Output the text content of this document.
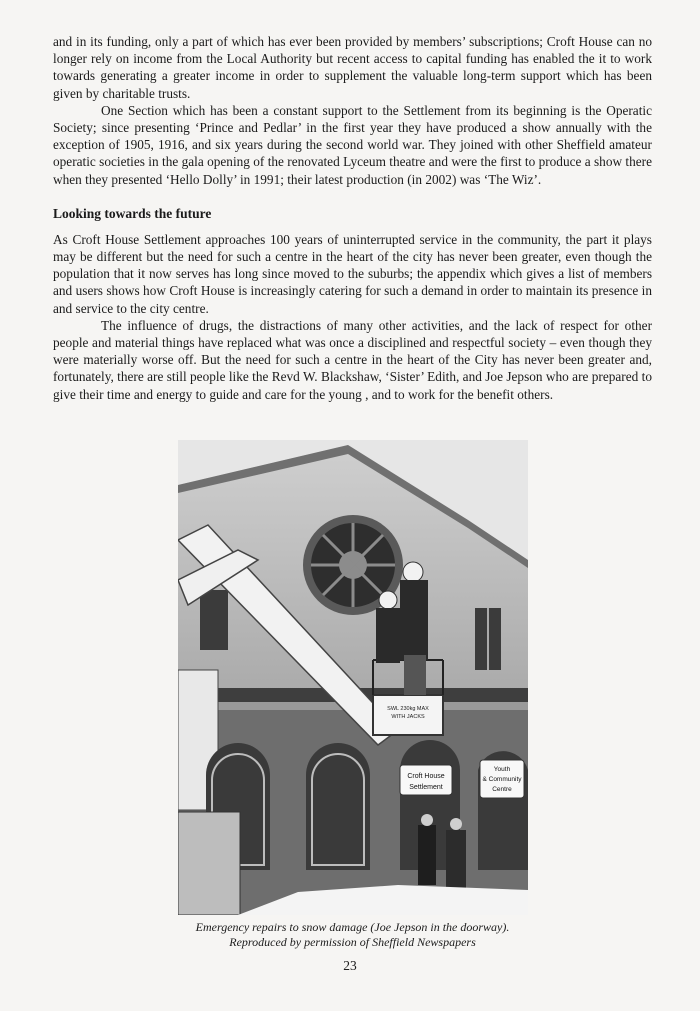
and in its funding, only a part of which has ever been provided by members’ subscriptions; Croft House can no longer rely on income from the Local Authority but recent access to capital funding has enabled the it to work towards generating a greater income in order to supplement the valuable long-term support which has been given by charitable trusts.

One Section which has been a constant support to the Settlement from its beginning is the Operatic Society; since presenting ‘Prince and Pedlar’ in the first year they have produced a show annually with the exception of 1905, 1916, and six years during the second world war. They joined with other Sheffield amateur operatic societies in the gala opening of the renovated Lyceum theatre and were the first to produce a show there when they presented ‘Hello Dolly’ in 1991; their latest production (in 2002) was ‘The Wiz’.

Looking towards the future

As Croft House Settlement approaches 100 years of uninterrupted service in the community, the part it plays may be different but the need for such a centre in the heart of the city has never been greater, even though the population that it now serves has long since moved to the suburbs; the appendix which gives a list of members and users shows how Croft House is increasingly catering for such a demand in order to maintain its presence in and service to the city centre.

The influence of drugs, the distractions of many other activities, and the lack of respect for other people and material things have replaced what was once a disciplined and respectful society – even though they were materially worse off. But the need for such a centre in the heart of the City has never been greater and, fortunately, there are still people like the Revd W. Blackshaw, ‘Sister’ Edith, and Joe Jepson who are prepared to give their time and energy to guide and care for the young , and to work for the benefit others.

SWL 230kg MAX
WITH JACKS
Croft House
Settlement
Youth
& Community
Centre
Emergency repairs to snow damage (Joe Jepson in the doorway).
Reproduced by permission of Sheffield Newspapers
23
